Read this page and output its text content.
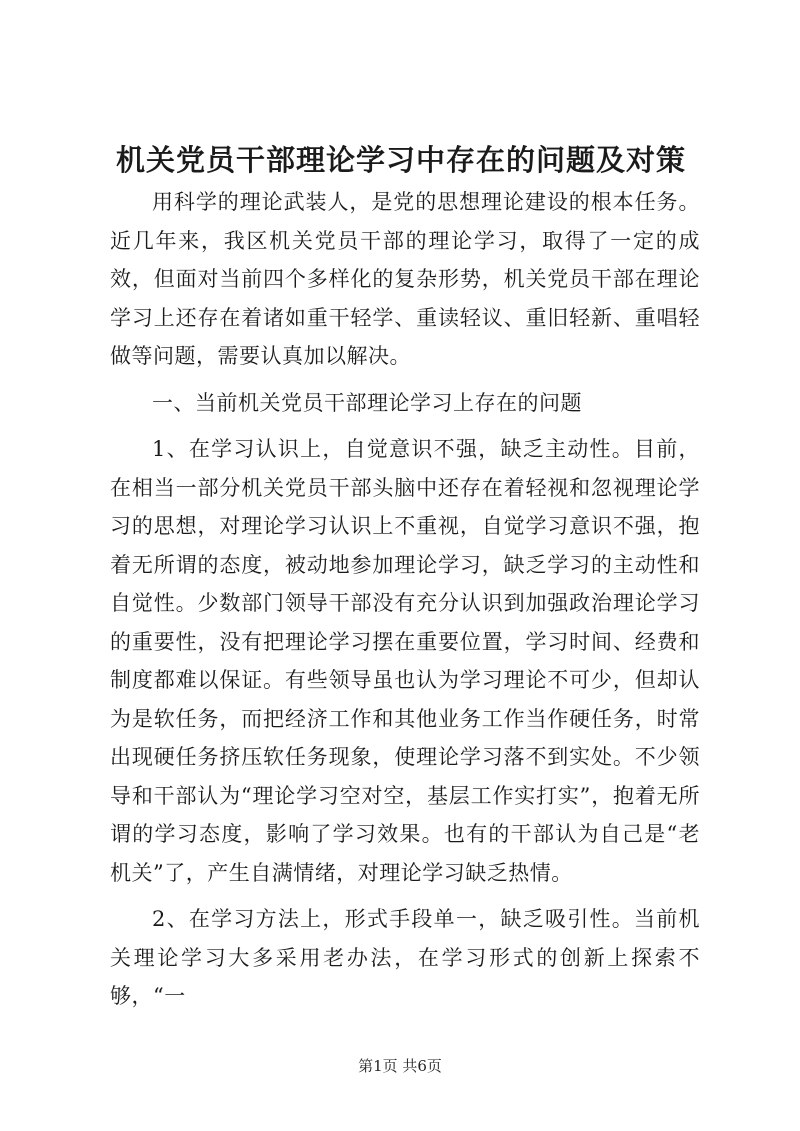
机关党员干部理论学习中存在的问题及对策

用科学的理论武装人，是党的思想理论建设的根本任务。近几年来，我区机关党员干部的理论学习，取得了一定的成效，但面对当前四个多样化的复杂形势，机关党员干部在理论学习上还存在着诸如重干轻学、重读轻议、重旧轻新、重唱轻做等问题，需要认真加以解决。

一、当前机关党员干部理论学习上存在的问题

1、在学习认识上，自觉意识不强，缺乏主动性。目前，在相当一部分机关党员干部头脑中还存在着轻视和忽视理论学习的思想，对理论学习认识上不重视，自觉学习意识不强，抱着无所谓的态度，被动地参加理论学习，缺乏学习的主动性和自觉性。少数部门领导干部没有充分认识到加强政治理论学习的重要性，没有把理论学习摆在重要位置，学习时间、经费和制度都难以保证。有些领导虽也认为学习理论不可少，但却认为是软任务，而把经济工作和其他业务工作当作硬任务，时常出现硬任务挤压软任务现象，使理论学习落不到实处。不少领导和干部认为“理论学习空对空，基层工作实打实”，抱着无所谓的学习态度，影响了学习效果。也有的干部认为自己是“老机关”了，产生自满情绪，对理论学习缺乏热情。

2、在学习方法上，形式手段单一，缺乏吸引性。当前机关理论学习大多采用老办法，在学习形式的创新上探索不够，“一

第1页 共6页
